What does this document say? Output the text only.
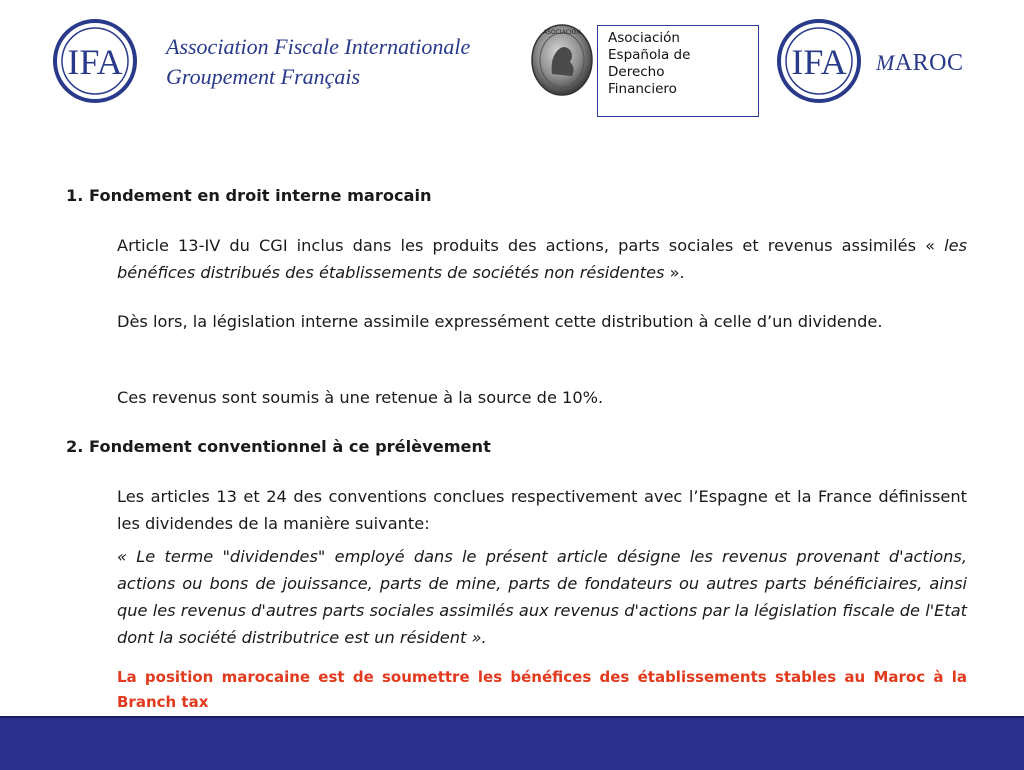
IFA Association Fiscale Internationale
Groupement Français
ASOCIACION Asociación
Española de
Derecho
Financiero
IFA MAROC
1. Fondement en droit interne marocain
Article 13-IV du CGI inclus dans les produits des actions, parts sociales et revenus assimilés « les bénéfices distribués des établissements de sociétés non résidentes ».
Dès lors, la législation interne assimile expressément cette distribution à celle d’un dividende.
Ces revenus sont soumis à une retenue à la source de 10%.
2. Fondement conventionnel à ce prélèvement
Les articles 13 et 24 des conventions conclues respectivement avec l’Espagne et la France définissent les dividendes de la manière suivante:
« Le terme "dividendes" employé dans le présent article désigne les revenus provenant d'actions, actions ou bons de jouissance, parts de mine, parts de fondateurs ou autres parts bénéficiaires, ainsi que les revenus d'autres parts sociales assimilés aux revenus d'actions par la législation fiscale de l'Etat dont la société distributrice est un résident ».
La position marocaine est de soumettre les bénéfices des établissements stables au Maroc à la Branch tax
